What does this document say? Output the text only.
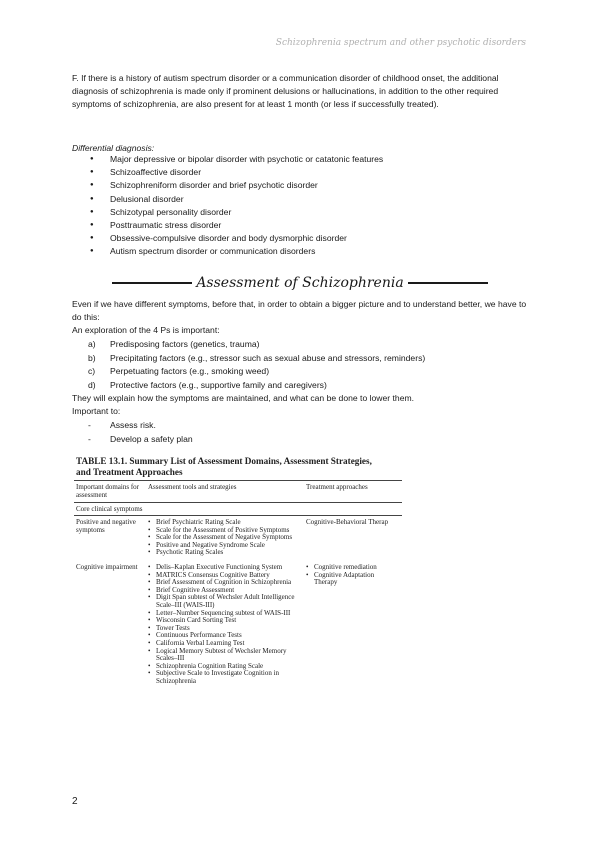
Schizophrenia spectrum and other psychotic disorders

F. If there is a history of autism spectrum disorder or a communication disorder of childhood onset, the additional diagnosis of schizophrenia is made only if prominent delusions or hallucinations, in addition to the other required symptoms of schizophrenia, are also present for at least 1 month (or less if successfully treated).

Differential diagnosis:

● Major depressive or bipolar disorder with psychotic or catatonic features
● Schizoaffective disorder
● Schizophreniform disorder and brief psychotic disorder
● Delusional disorder
● Schizotypal personality disorder
● Posttraumatic stress disorder
● Obsessive-compulsive disorder and body dysmorphic disorder
● Autism spectrum disorder or communication disorders
Assessment of Schizophrenia

Even if we have different symptoms, before that, in order to obtain a bigger picture and to understand better, we have to do this:

An exploration of the 4 Ps is important:

a)	Predisposing factors (genetics, trauma)
b)	Precipitating factors (e.g., stressor such as sexual abuse and stressors, reminders)
c)	Perpetuating factors (e.g., smoking weed)
d)	Protective factors (e.g., supportive family and caregivers)

They will explain how the symptoms are maintained, and what can be done to lower them.

Important to:

-	Assess risk.
-	Develop a safety plan
TABLE 13.1. Summary List of Assessment Domains, Assessment Strategies,
and Treatment Approaches
Important domains for assessment
Assessment tools and strategies	Treatment approaches
Core clinical symptoms
Positive and negative symptoms
• Brief Psychiatric Rating Scale
• Scale for the Assessment of Positive Symptoms
• Scale for the Assessment of Negative Symptoms
• Positive and Negative Syndrome Scale
• Psychotic Rating Scales
Cognitive-Behavioral Therap
Cognitive impairment
•	Delis–Kaplan Executive Functioning System
• MATRICS Consensus Cognitive Battery
• Brief Assessment of Cognition in Schizophrenia
• Brief Cognitive Assessment
• Digit Span subtest of Wechsler Adult Intelligence Scale–III (WAIS-III)
• Letter–Number Sequencing subtest of WAIS-III
• Wisconsin Card Sorting Test
• Tower Tests
• Continuous Performance Tests
• California Verbal Learning Test
• Logical Memory Subtest of Wechsler Memory Scales–III
• Schizophrenia Cognition Rating Scale
• Subjective Scale to Investigate Cognition in Schizophrenia
• Cognitive remediation
• Cognitive Adaptation Therapy
2
